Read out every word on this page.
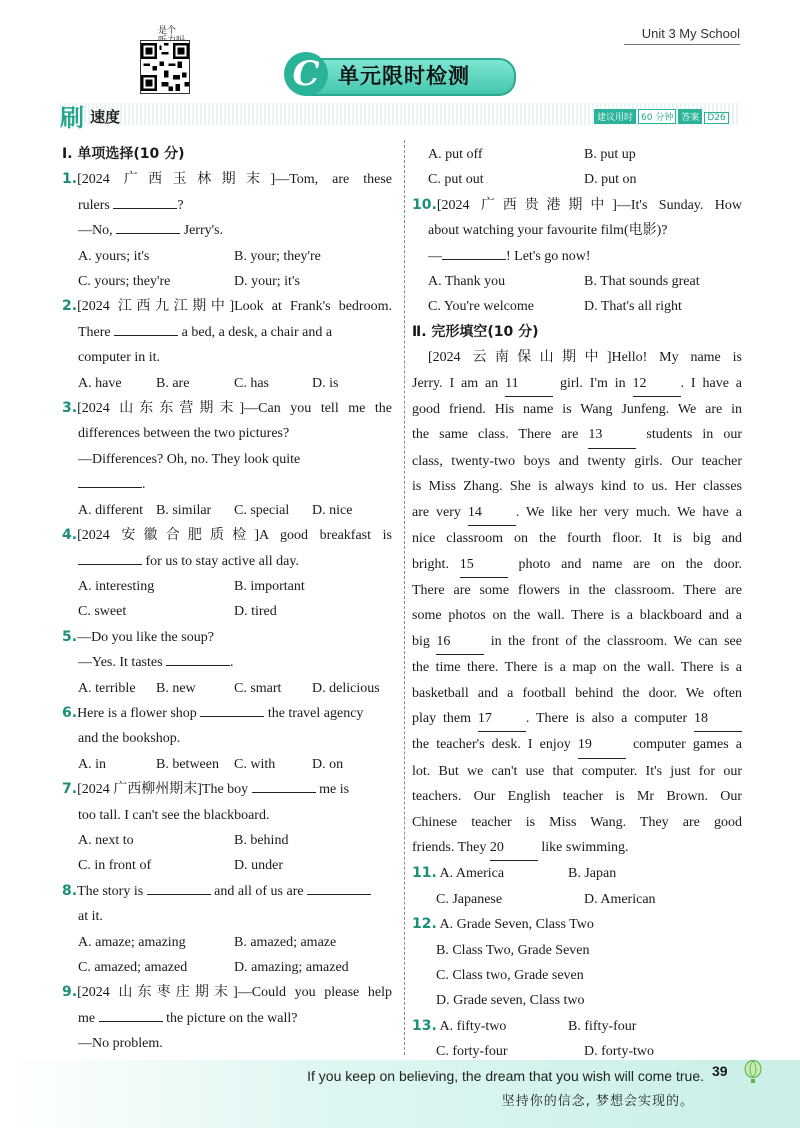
是个	Unit 3 My School
C 单元限时检测
刷 速度	建议用时 60 分钟 答案 D26
Ⅰ. 单项选择(10 分)
1.[2024 广西玉林期末]—Tom, are these
rulers	?
—No,	Jerry's.
A. yours; it's	B. your; they're
C. yours; they're	D. your; it's
2.[2024 江西九江期中]Look at Frank's bedroom.
There	a bed, a desk, a chair and a
computer in it.
A. have	B. are	C. has	D. is
3.[2024 山东东营期末]—Can you tell me the
differences between the two pictures?
—Differences? Oh, no. They look quite
.
A. different B. similar	C. special	D. nice
4.[2024 安徽合肥质检]A good breakfast is
for us to stay active all day.
A. interesting	B. important
C. sweet	D. tired
5.—Do you like the soup?
—Yes. It tastes	.
A. terrible	B. new	C. smart	D. delicious
6.Here is a flower shop	the travel agency
and the bookshop.
A. in	B. between	C. with	D. on
7.[2024 广西柳州期末]The boy	me is
too tall. I can't see the blackboard.
A. next to	B. behind
C. in front of	D. under
8.The story is	and all of us are
at it.
A. amaze; amazing	B. amazed; amaze
C. amazed; amazed	D. amazing; amazed
9.[2024 山东枣庄期末]—Could you please help
me	the picture on the wall?
—No problem.
A. put off	B. put up
C. put out	D. put on
10.[2024 广西贵港期中]—It's Sunday. How
about watching your favourite film(电影)?
—	! Let's go now!
A. Thank you	B. That sounds great
C. You're welcome	D. That's all right
Ⅱ. 完形填空(10 分)
[2024 云南保山期中]Hello! My name is
Jerry. I am an 11 girl. I'm in 12 . I have a
good friend. His name is Wang Junfeng. We are in
the same class. There are 13 students in our
class, twenty-two boys and twenty girls. Our teacher
is Miss Zhang. She is always kind to us. Her classes
are very 14 . We like her very much. We have a
nice classroom on the fourth floor. It is big and
bright. 15 photo and name are on the door.
There are some flowers in the classroom. There are
some photos on the wall. There is a blackboard and a
big 16 in the front of the classroom. We can see
the time there. There is a map on the wall. There is a
basketball and a football behind the door. We often
play them 17 . There is also a computer 18
the teacher's desk. I enjoy 19 computer games a
lot. But we can't use that computer. It's just for our
teachers. Our English teacher is Mr Brown. Our
Chinese teacher is Miss Wang. They are good
friends. They 20 like swimming.
11. A. America	B. Japan
C. Japanese	D. American
12. A. Grade Seven, Class Two
B. Class Two, Grade Seven
C. Class two, Grade seven
D. Grade seven, Class two
13. A. fifty-two	B. fifty-four
C. forty-four	D. forty-two
If you keep on believing, the dream that you wish will come true.
坚持你的信念, 梦想会实现的。
39
